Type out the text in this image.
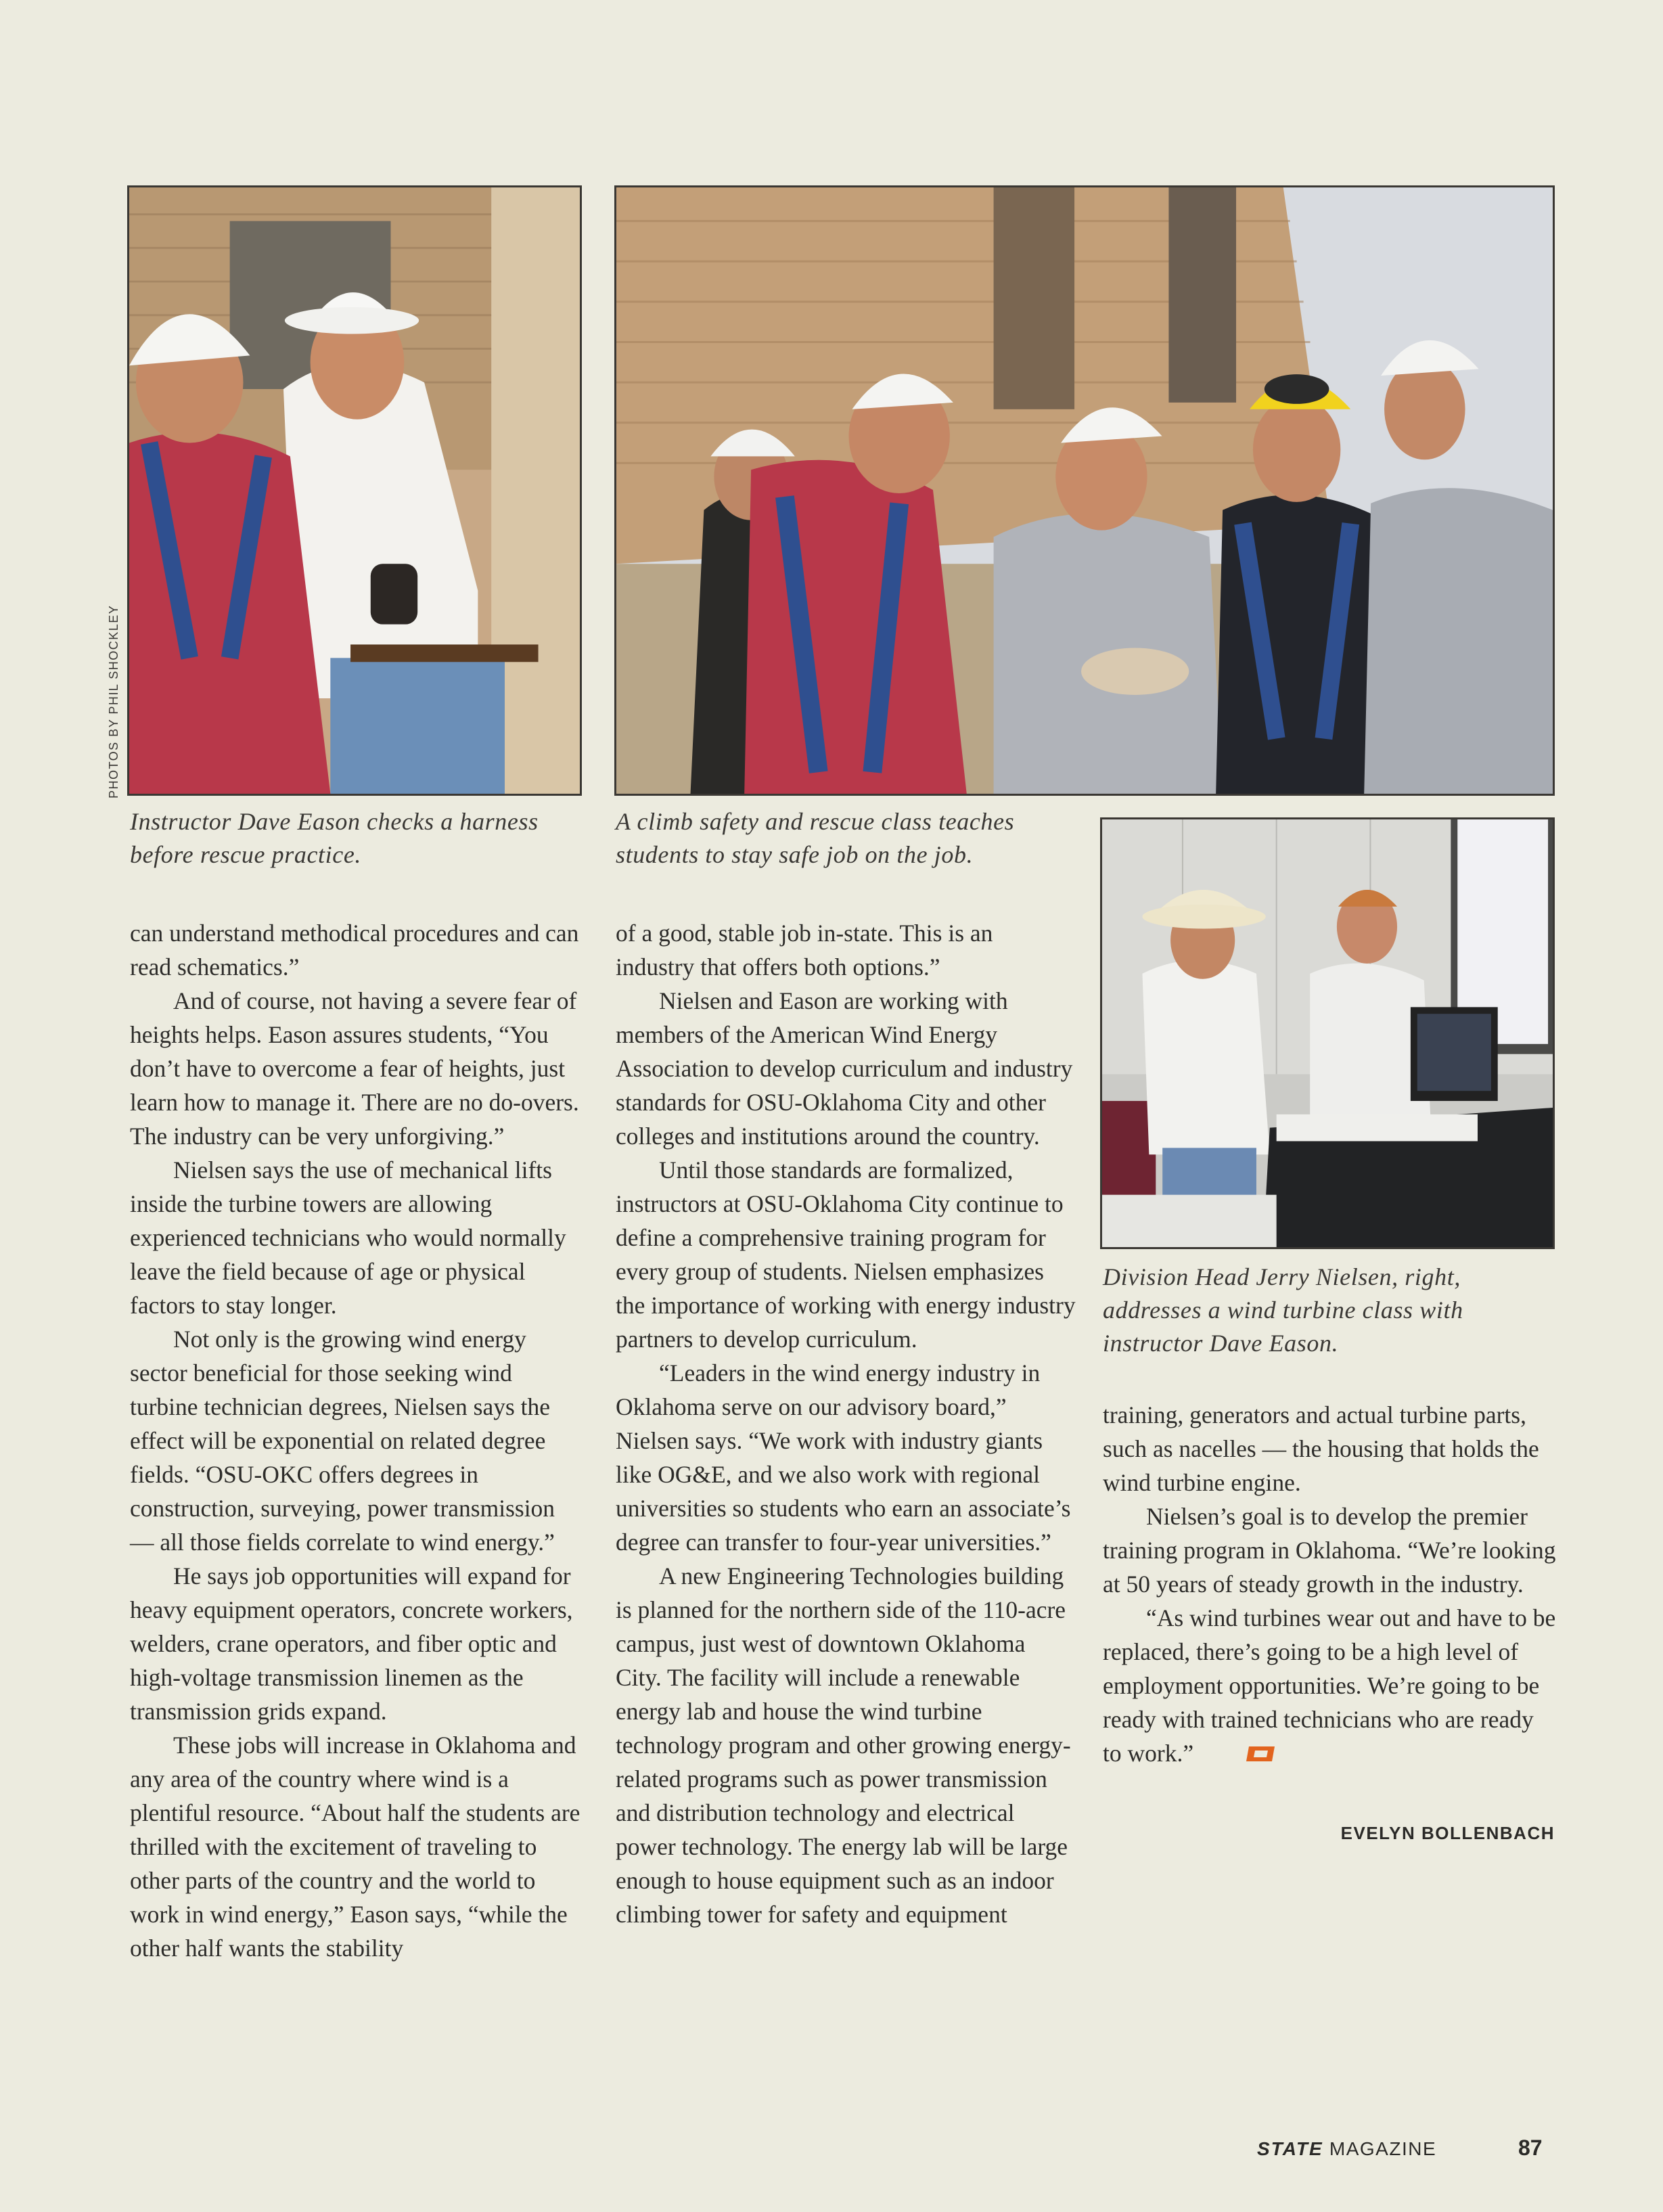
PHOTOS BY PHIL SHOCKLEY
Instructor Dave Eason checks a harness
before rescue practice.
A climb safety and rescue class teaches
students to stay safe job on the job.
Division Head Jerry Nielsen, right,
addresses a wind turbine class with
instructor Dave Eason.

can understand methodical procedures and can read schematics.”

And of course, not having a severe fear of heights helps. Eason assures students, “You don’t have to overcome a fear of heights, just learn how to manage it. There are no do-overs. The industry can be very unforgiving.”

Nielsen says the use of mechanical lifts inside the turbine towers are allowing experienced technicians who would normally leave the field because of age or physical factors to stay longer.

Not only is the growing wind energy sector beneficial for those seeking wind turbine technician degrees, Nielsen says the effect will be exponential on related degree fields. “OSU-OKC offers degrees in construction, surveying, power transmission — all those fields correlate to wind energy.”

He says job opportunities will expand for heavy equipment operators, concrete workers, welders, crane operators, and fiber optic and high-voltage transmission linemen as the transmission grids expand.

These jobs will increase in Oklahoma and any area of the country where wind is a plentiful resource. “About half the students are thrilled with the excitement of traveling to other parts of the country and the world to work in wind energy,” Eason says, “while the other half wants the stability

of a good, stable job in-state. This is an industry that offers both options.”

Nielsen and Eason are working with members of the American Wind Energy Association to develop curriculum and industry standards for OSU-Oklahoma City and other colleges and institutions around the country.

Until those standards are formalized, instructors at OSU-Oklahoma City continue to define a comprehensive training program for every group of students. Nielsen emphasizes the importance of working with energy industry partners to develop curriculum.

“Leaders in the wind energy industry in Oklahoma serve on our advisory board,” Nielsen says. “We work with industry giants like OG&E, and we also work with regional universities so students who earn an associate’s degree can transfer to four-year universities.”

A new Engineering Technologies building is planned for the northern side of the 110-acre campus, just west of downtown Oklahoma City. The facility will include a renewable energy lab and house the wind turbine technology program and other growing energy-related programs such as power transmission and distribution technology and electrical power technology. The energy lab will be large enough to house equipment such as an indoor climbing tower for safety and equipment

training, generators and actual turbine parts, such as nacelles — the housing that holds the wind turbine engine.

Nielsen’s goal is to develop the premier training program in Oklahoma. “We’re looking at 50 years of steady growth in the industry.

“As wind turbines wear out and have to be replaced, there’s going to be a high level of employment opportunities. We’re going to be ready with trained technicians who are ready to work.”

EVELYN BOLLENBACH
STATE MAGAZINE	87
